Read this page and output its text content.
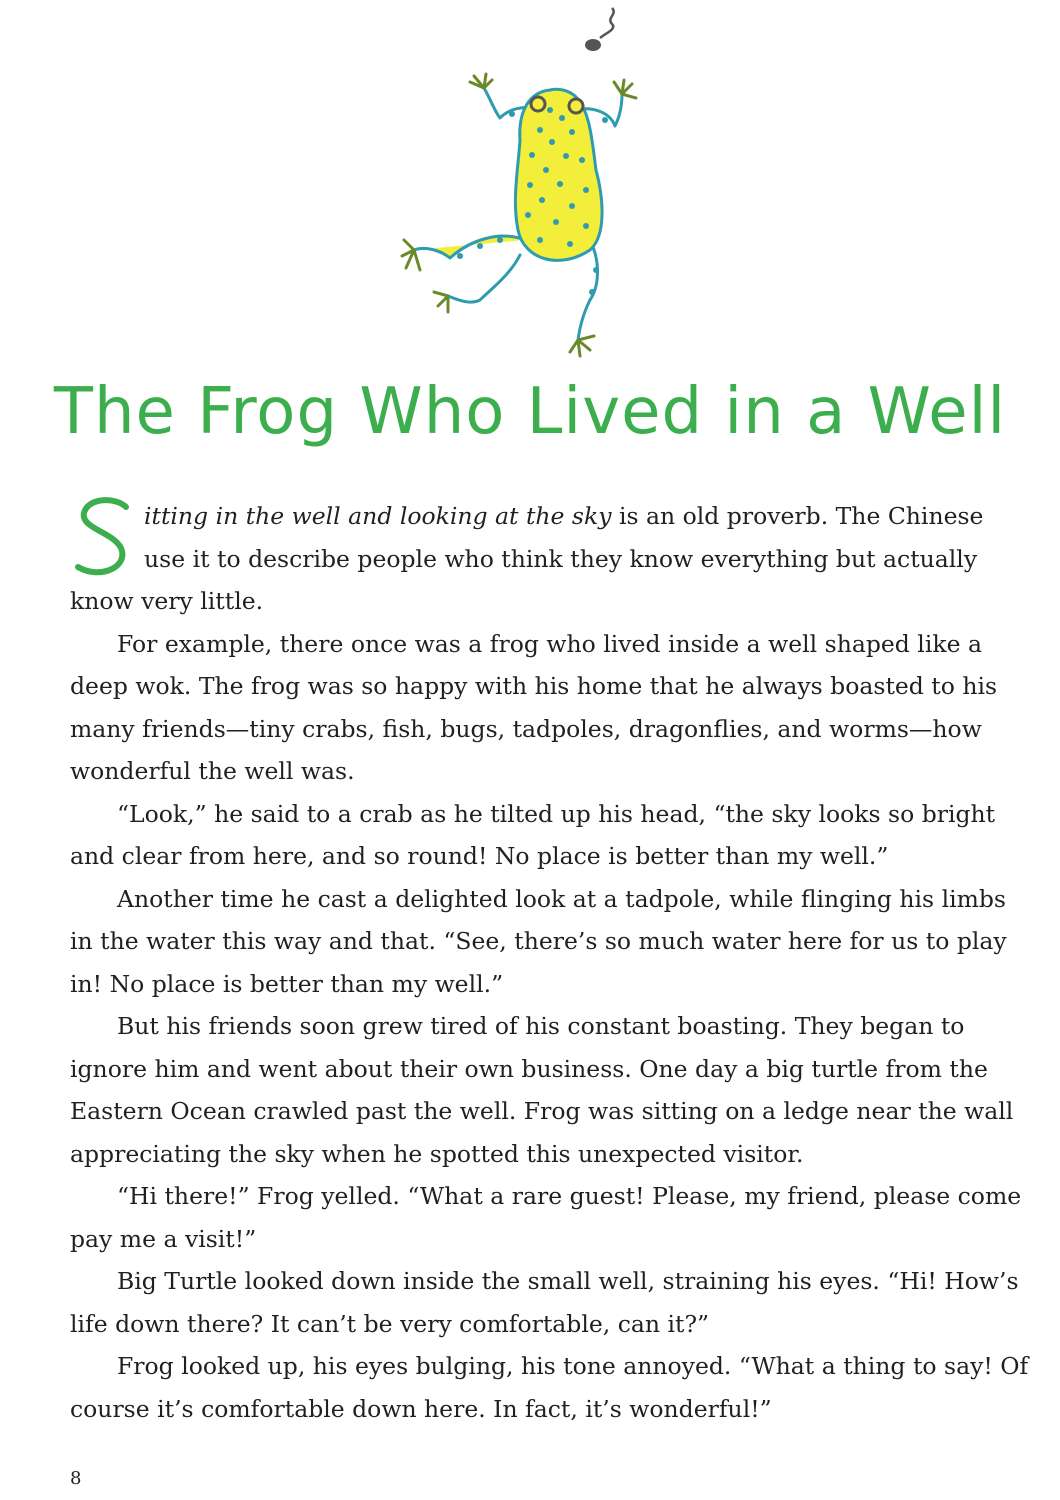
The Frog Who Lived in a Well

itting in the well and looking at the sky is an old proverb. The Chinese use it to describe people who think they know everything but actually know very little.

For example, there once was a frog who lived inside a well shaped like a deep wok. The frog was so happy with his home that he always boasted to his many friends—tiny crabs, fish, bugs, tadpoles, dragonflies, and worms—how wonderful the well was.

“Look,” he said to a crab as he tilted up his head, “the sky looks so bright and clear from here, and so round! No place is better than my well.”

Another time he cast a delighted look at a tadpole, while flinging his limbs in the water this way and that. “See, there’s so much water here for us to play in! No place is better than my well.”

But his friends soon grew tired of his constant boasting. They began to ignore him and went about their own business. One day a big turtle from the Eastern Ocean crawled past the well. Frog was sitting on a ledge near the wall appreciating the sky when he spotted this unexpected visitor.

“Hi there!” Frog yelled. “What a rare guest! Please, my friend, please come pay me a visit!”

Big Turtle looked down inside the small well, straining his eyes. “Hi! How’s life down there? It can’t be very comfortable, can it?”

Frog looked up, his eyes bulging, his tone annoyed. “What a thing to say! Of course it’s comfortable down here. In fact, it’s wonderful!”

8
